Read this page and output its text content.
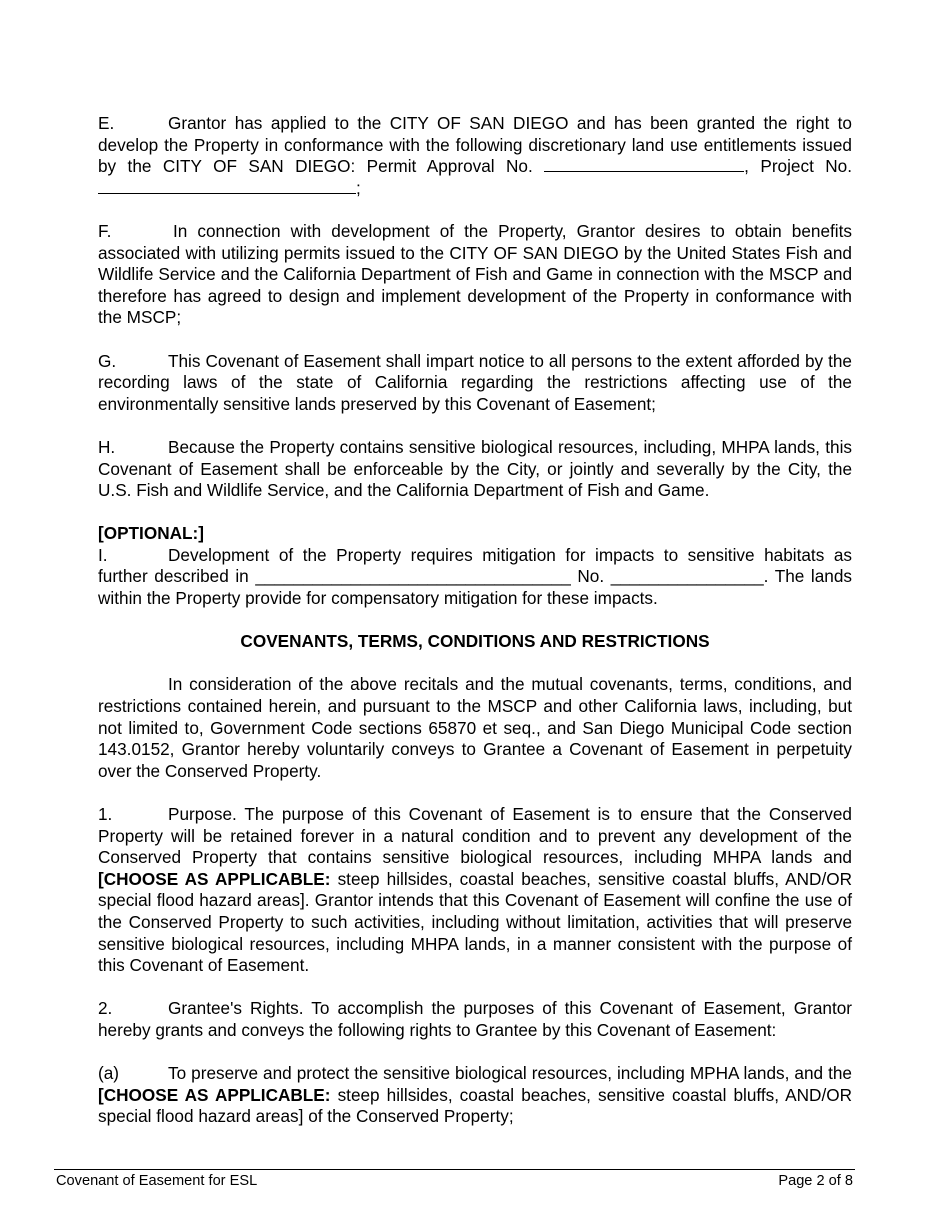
E.	Grantor has applied to the CITY OF SAN DIEGO and has been granted the right to develop the Property in conformance with the following discretionary land use entitlements issued by the CITY OF SAN DIEGO: Permit Approval No.	, Project No. ;

F.	In connection with development of the Property, Grantor desires to obtain benefits associated with utilizing permits issued to the CITY OF SAN DIEGO by the United States Fish and Wildlife Service and the California Department of Fish and Game in connection with the MSCP and therefore has agreed to design and implement development of the Property in conformance with the MSCP;

G.	This Covenant of Easement shall impart notice to all persons to the extent afforded by the recording laws of the state of California regarding the restrictions affecting use of the environmentally sensitive lands preserved by this Covenant of Easement;

H.	Because the Property contains sensitive biological resources, including, MHPA lands, this Covenant of Easement shall be enforceable by the City, or jointly and severally by the City, the U.S. Fish and Wildlife Service, and the California Department of Fish and Game.

[OPTIONAL:]

I.	Development of the Property requires mitigation for impacts to sensitive habitats as further described in _________________________________ No. ________________. The lands within the Property provide for compensatory mitigation for these impacts.

COVENANTS, TERMS, CONDITIONS AND RESTRICTIONS

In consideration of the above recitals and the mutual covenants, terms, conditions, and restrictions contained herein, and pursuant to the MSCP and other California laws, including, but not limited to, Government Code sections 65870 et seq., and San Diego Municipal Code section 143.0152, Grantor hereby voluntarily conveys to Grantee a Covenant of Easement in perpetuity over the Conserved Property.

1.	Purpose. The purpose of this Covenant of Easement is to ensure that the Conserved Property will be retained forever in a natural condition and to prevent any development of the Conserved Property that contains sensitive biological resources, including MHPA lands and [CHOOSE AS APPLICABLE: steep hillsides, coastal beaches, sensitive coastal bluffs, AND/OR special flood hazard areas]. Grantor intends that this Covenant of Easement will confine the use of the Conserved Property to such activities, including without limitation, activities that will preserve sensitive biological resources, including MHPA lands, in a manner consistent with the purpose of this Covenant of Easement.

2.	Grantee's Rights. To accomplish the purposes of this Covenant of Easement, Grantor hereby grants and conveys the following rights to Grantee by this Covenant of Easement:

(a)	To preserve and protect the sensitive biological resources, including MPHA lands, and the [CHOOSE AS APPLICABLE: steep hillsides, coastal beaches, sensitive coastal bluffs, AND/OR special flood hazard areas] of the Conserved Property;

Covenant of Easement for ESL	Page 2 of 8
